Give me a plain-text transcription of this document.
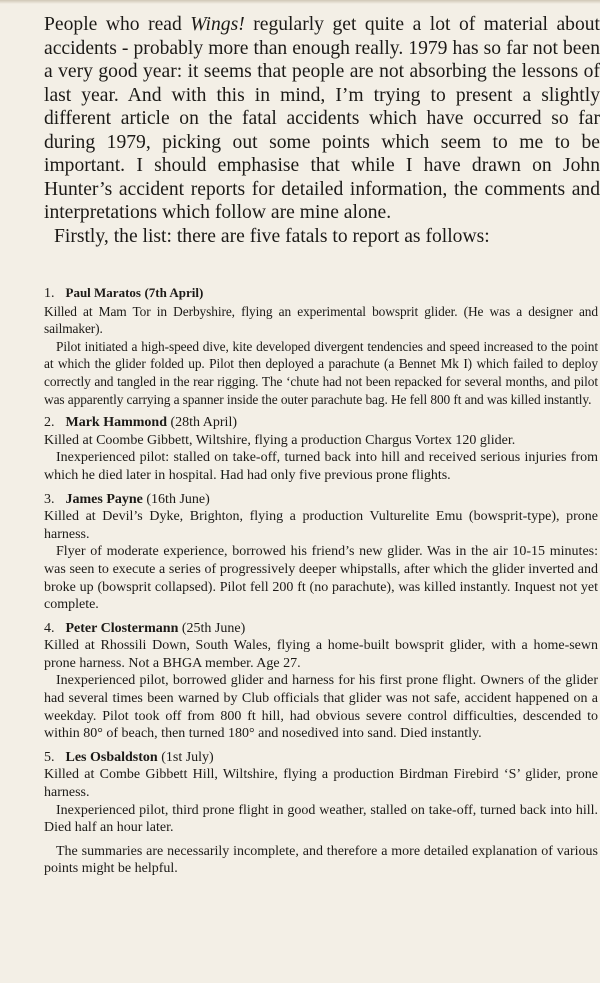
People who read Wings! regularly get quite a lot of material about accidents - probably more than enough really. 1979 has so far not been a very good year: it seems that people are not absorbing the lessons of last year. And with this in mind, I’m trying to present a slightly different article on the fatal accidents which have occurred so far during 1979, picking out some points which seem to me to be important. I should emphasise that while I have drawn on John Hunter’s accident reports for detailed information, the comments and interpretations which follow are mine alone.

Firstly, the list: there are five fatals to report as follows:

1. Paul Maratos (7th April)

Killed at Mam Tor in Derbyshire, flying an experimental bowsprit glider. (He was a designer and sailmaker).

Pilot initiated a high-speed dive, kite developed divergent tendencies and speed increased to the point at which the glider folded up. Pilot then deployed a parachute (a Bennet Mk I) which failed to deploy correctly and tangled in the rear rigging. The ‘chute had not been repacked for several months, and pilot was apparently carrying a spanner inside the outer parachute bag. He fell 800 ft and was killed instantly.

2. Mark Hammond (28th April)

Killed at Coombe Gibbett, Wiltshire, flying a production Chargus Vortex 120 glider.

Inexperienced pilot: stalled on take-off, turned back into hill and received serious injuries from which he died later in hospital. Had had only five previous prone flights.

3. James Payne (16th June)

Killed at Devil’s Dyke, Brighton, flying a production Vulturelite Emu (bowsprit-type), prone harness.

Flyer of moderate experience, borrowed his friend’s new glider. Was in the air 10-15 minutes: was seen to execute a series of progressively deeper whipstalls, after which the glider inverted and broke up (bowsprit collapsed). Pilot fell 200 ft (no parachute), was killed instantly. Inquest not yet complete.

4. Peter Clostermann (25th June)

Killed at Rhossili Down, South Wales, flying a home-built bowsprit glider, with a home-sewn prone harness. Not a BHGA member. Age 27.

Inexperienced pilot, borrowed glider and harness for his first prone flight. Owners of the glider had several times been warned by Club officials that glider was not safe, accident happened on a weekday. Pilot took off from 800 ft hill, had obvious severe control difficulties, descended to within 80° of beach, then turned 180° and nosedived into sand. Died instantly.

5. Les Osbaldston (1st July)

Killed at Combe Gibbett Hill, Wiltshire, flying a production Birdman Firebird ‘S’ glider, prone harness.

Inexperienced pilot, third prone flight in good weather, stalled on take-off, turned back into hill. Died half an hour later.

The summaries are necessarily incomplete, and therefore a more detailed explanation of various points might be helpful.
